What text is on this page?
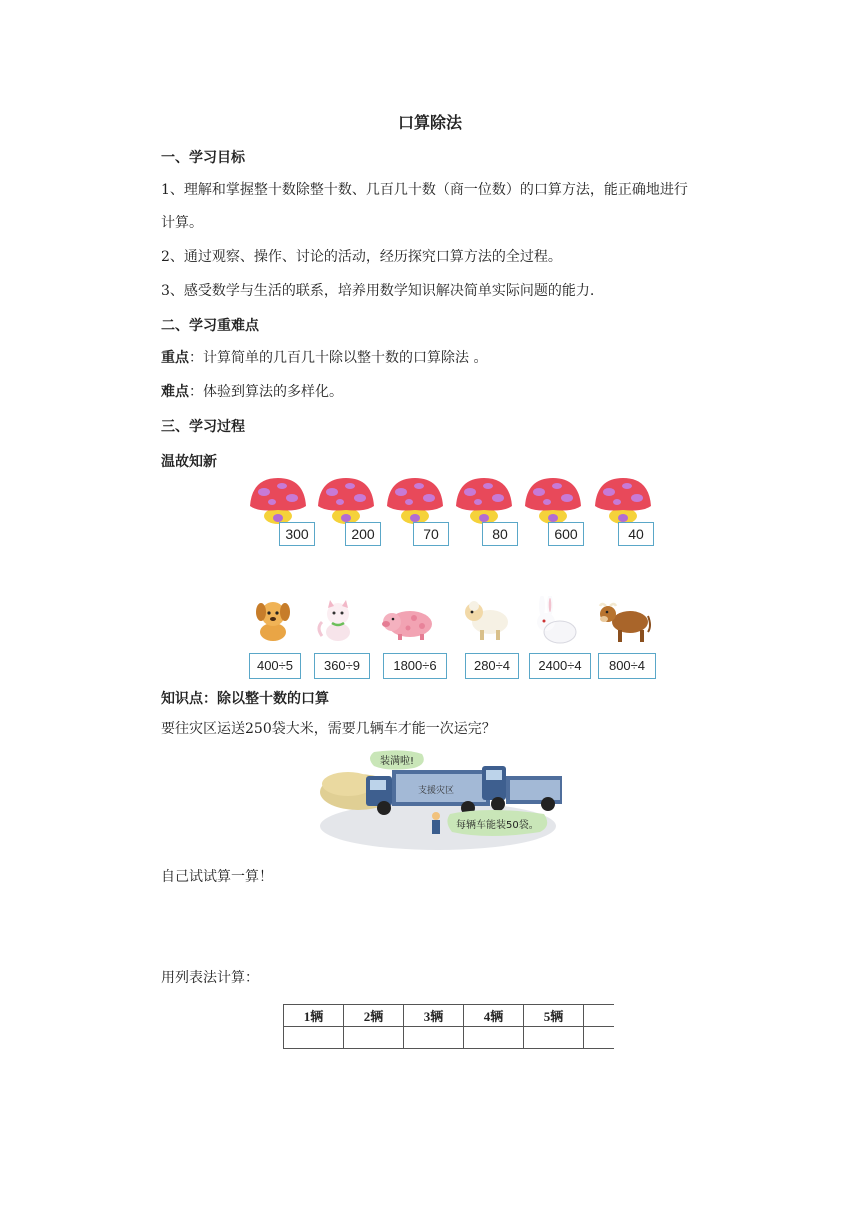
口算除法
一、学习目标
1、理解和掌握整十数除整十数、几百几十数（商一位数）的口算方法，能正确地进行
计算。
2、通过观察、操作、讨论的活动，经历探究口算方法的全过程。
3、感受数学与生活的联系，培养用数学知识解决简单实际问题的能力.
二、学习重难点
重点：计算简单的几百几十除以整十数的口算除法 。
难点：体验到算法的多样化。
三、学习过程
温故知新
300	200	70	80	600	40
400÷5	360÷9	1800÷6	280÷4	2400÷4	800÷4
知识点：除以整十数的口算
要往灾区运送250袋大米，需要几辆车才能一次运完？
支援灾区
装满啦!
每辆车能装50袋。
自己试试算一算！
用列表法计算：
1辆	2辆	3辆	4辆	5辆	
